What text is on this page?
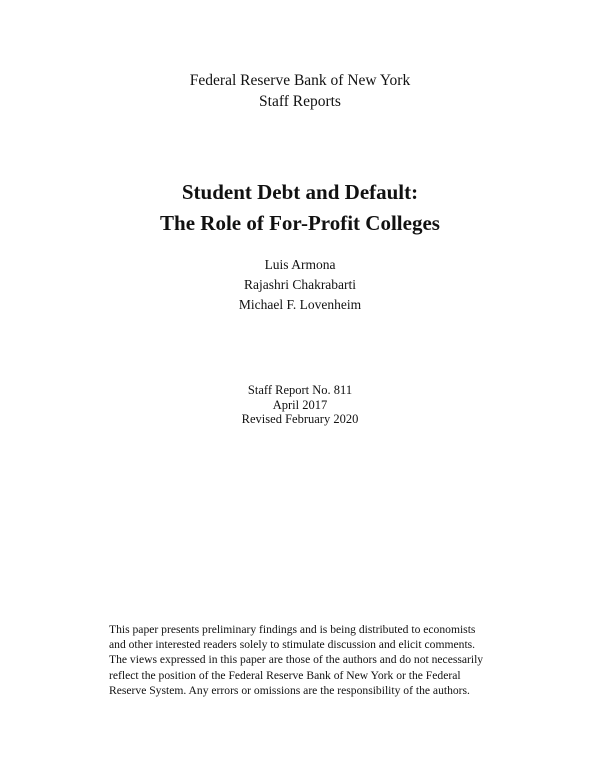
Federal Reserve Bank of New York
Staff Reports
Student Debt and Default:
The Role of For-Profit Colleges
Luis Armona
Rajashri Chakrabarti
Michael F. Lovenheim
Staff Report No. 811
April 2017
Revised February 2020
This paper presents preliminary findings and is being distributed to economists
and other interested readers solely to stimulate discussion and elicit comments.
The views expressed in this paper are those of the authors and do not necessarily
reflect the position of the Federal Reserve Bank of New York or the Federal
Reserve System. Any errors or omissions are the responsibility of the authors.
